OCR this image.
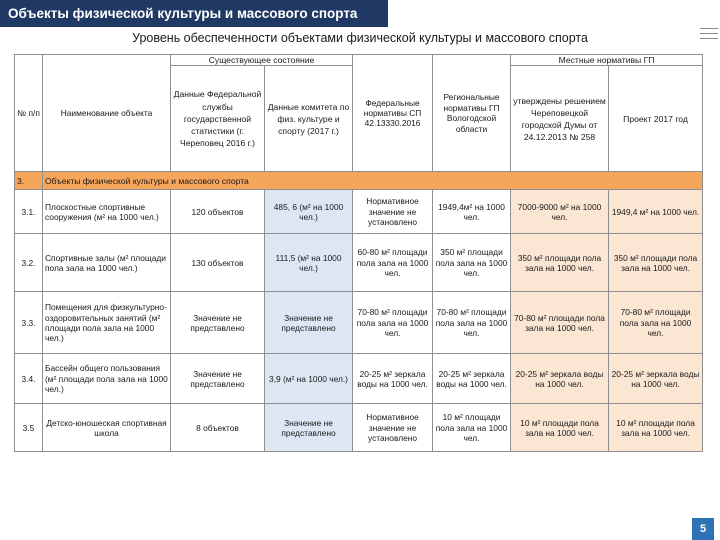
Объекты физической культуры и массового спорта
Уровень обеспеченности объектами физической культуры и массового спорта
№ п/п	Наименование объекта	Существующее состояние		Федеральные нормативы СП 42.13330.2016	Региональные нормативы ГП Вологодской области	Местные нормативы ГП	
		Данные Федеральной службы государственной статистики (г. Череповец 2016 г.)	Данные комитета по физ. культуре и спорту (2017 г.)			утверждены решением Череповецкой городской Думы от 24.12.2013 № 258	Проект 2017 год
3.	Объекты физической культуры и массового спорта						
3.1.	Плоскостные спортивные сооружения (м² на 1000 чел.)	120 объектов	485, 6 (м² на 1000 чел.)	Нормативное значение не установлено	1949,4м² на 1000 чел.	7000-9000 м² на 1000 чел.	1949,4 м² на 1000 чел.
3.2.	Спортивные залы (м² площади пола зала на 1000 чел.)	130 объектов	111,5 (м² на 1000 чел.)	60-80 м² площади пола зала на 1000 чел.	350 м² площади пола зала на 1000 чел.	350 м² площади пола зала на 1000 чел.	350 м² площади пола зала на 1000 чел.
3.3.	Помещения для физкультурно-оздоровительных занятий (м² площади пола зала на 1000 чел.)	Значение не представлено	Значение не представлено	70-80 м² площади пола зала на 1000 чел.	70-80 м² площади пола зала на 1000 чел.	70-80 м² площади пола зала на 1000 чел.	70-80 м² площади пола зала на 1000 чел.
3.4.	Бассейн общего пользования (м² площади пола зала на 1000 чел.)	Значение не представлено	3,9 (м² на 1000 чел.)	20-25 м² зеркала воды на 1000 чел.	20-25 м² зеркала воды на 1000 чел.	20-25 м² зеркала воды на 1000 чел.	20-25 м² зеркала воды на 1000 чел.
3.5	Детско-юношеская спортивная школа	8 объектов	Значение не представлено	Нормативное значение не установлено	10 м² площади пола зала на 1000 чел.	10 м² площади пола зала на 1000 чел.	10 м² площади пола зала на 1000 чел.
5
